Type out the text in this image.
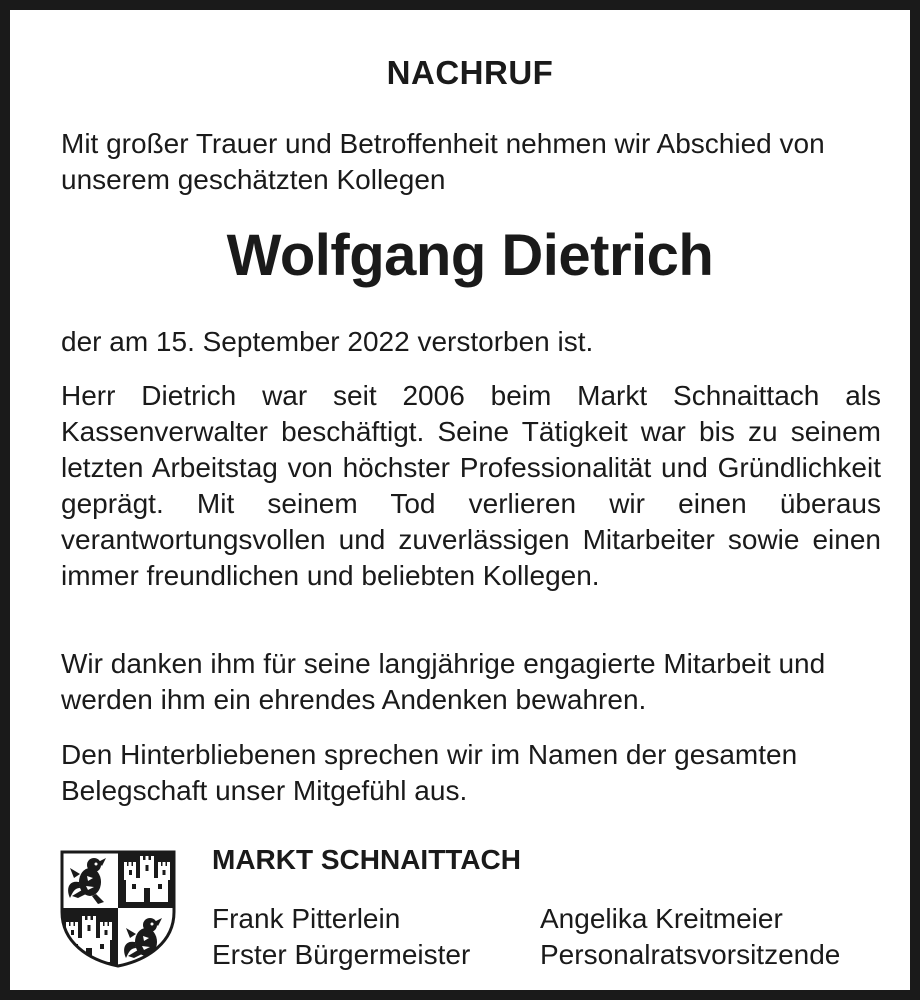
NACHRUF

Mit großer Trauer und Betroffenheit nehmen wir Abschied von unserem geschätzten Kollegen

Wolfgang Dietrich

der am 15. September 2022 verstorben ist.

Herr Dietrich war seit 2006 beim Markt Schnaittach als Kassenverwalter beschäftigt. Seine Tätigkeit war bis zu seinem letzten Arbeitstag von höchster Professionalität und Gründlichkeit geprägt. Mit seinem Tod verlieren wir einen überaus verantwortungsvollen und zuverlässigen Mitarbeiter sowie einen immer freundlichen und beliebten Kollegen.

Wir danken ihm für seine langjährige engagierte Mitarbeit und werden ihm ein ehrendes Andenken bewahren.

Den Hinterbliebenen sprechen wir im Namen der gesamten Belegschaft unser Mitgefühl aus.

MARKT SCHNAITTACH
Frank Pitterlein
Erster Bürgermeister
Angelika Kreitmeier
Personalratsvorsitzende
